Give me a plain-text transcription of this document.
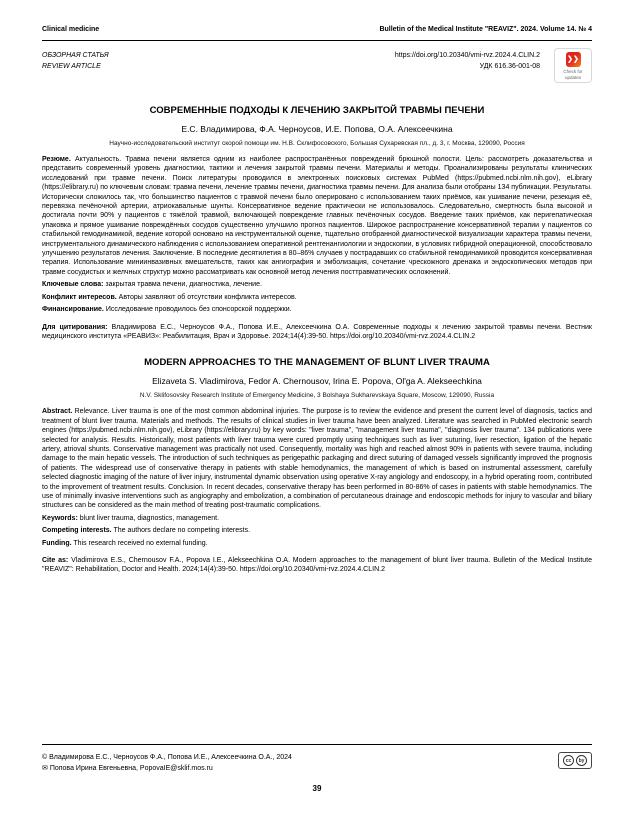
Clinical medicine	Bulletin of the Medical Institute "REAVIZ". 2024. Volume 14. № 4
ОБЗОРНАЯ СТАТЬЯ
REVIEW ARTICLE
https://doi.org/10.20340/vmi-rvz.2024.4.CLIN.2
УДК 616.36-001-08
❯❯
Check for updates
СОВРЕМЕННЫЕ ПОДХОДЫ К ЛЕЧЕНИЮ ЗАКРЫТОЙ ТРАВМЫ ПЕЧЕНИ
Е.С. Владимирова, Ф.А. Черноусов, И.Е. Попова, О.А. Алексеечкина
Научно-исследовательский институт скорой помощи им. Н.В. Склифосовского, Большая Сухаревская пл., д. 3, г. Москва, 129090, Россия

Резюме. Актуальность. Травма печени является одним из наиболее распространённых повреждений брюшной полости. Цель: рассмотреть доказательства и представить современный уровень диагностики, тактики и лечения закрытой травмы печени. Материалы и методы. Проанализированы результаты клинических исследований при травме печени. Поиск литературы проводился в электронных поисковых системах PubMed (https://pubmed.ncbi.nlm.nih.gov), eLibrary (https://elibrary.ru) по ключевым словам: травма печени, лечение травмы печени, диагностика травмы печени. Для анализа были отобраны 134 публикации. Результаты. Исторически сложилось так, что большинство пациентов с травмой печени было оперировано с использованием таких приёмов, как ушивание печени, резекция её, перевязка печёночной артерии, атриокавальные шунты. Консервативное ведение практически не использовалось. Следовательно, смертность была высокой и достигала почти 90% у пациентов с тяжёлой травмой, включающей повреждение главных печёночных сосудов. Введение таких приёмов, как перигепатическая упаковка и прямое ушивание повреждённых сосудов существенно улучшило прогноз пациентов. Широкое распространение консервативной терапии у пациентов со стабильной гемодинамикой, ведение которой основано на инструментальной оценке, тщательно отобранной диагностической визуализации характера травмы печени, инструментального динамического наблюдения с использованием оперативной рентгенангиологии и эндоскопии, в условиях гибридной операционной, способствовало улучшению результатов лечения. Заключение. В последние десятилетия в 80–86% случаев у пострадавших со стабильной гемодинамикой проводится консервативная терапия. Использование миниинвазивных вмешательств, таких как ангиография и эмболизация, сочетание чрескожного дренажа и эндоскопических методов при травме сосудистых и желчных структур можно рассматривать как основной метод лечения посттравматических осложнений.

Ключевые слова: закрытая травма печени, диагностика, лечение.

Конфликт интересов. Авторы заявляют об отсутствии конфликта интересов.

Финансирование. Исследование проводилось без спонсорской поддержки.

Для цитирования: Владимирова Е.С., Черноусов Ф.А., Попова И.Е., Алексеечкина О.А. Современные подходы к лечению закрытой травмы печени. Вестник медицинского института «РЕАВИЗ»: Реабилитация, Врач и Здоровье. 2024;14(4):39-50. https://doi.org/10.20340/vmi-rvz.2024.4.CLIN.2

MODERN APPROACHES TO THE MANAGEMENT OF BLUNT LIVER TRAUMA
Elizaveta S. Vladimirova, Fedor A. Chernousov, Irina E. Popova, Ol'ga A. Alekseechkina
N.V. Sklifosovsky Research Institute of Emergency Medicine, 3 Bolshaya Sukharevskaya Square, Moscow, 129090, Russia

Abstract. Relevance. Liver trauma is one of the most common abdominal injuries. The purpose is to review the evidence and present the current level of diagnosis, tactics and treatment of blunt liver trauma. Materials and methods. The results of clinical studies in liver trauma have been analyzed. Literature was searched in PubMed electronic search engines (https://pubmed.ncbi.nlm.nih.gov), eLibrary (https://elibrary.ru) by key words: "liver trauma", "management liver trauma", "diagnosis liver trauma". 134 publications were selected for analysis. Results. Historically, most patients with liver trauma were cured promptly using techniques such as liver suturing, liver resection, ligation of the hepatic artery, atrioval shunts. Conservative management was practically not used. Consequently, mortality was high and reached almost 90% in patients with severe trauma, including damage to the main hepatic vessels. The introduction of such techniques as perigepathic packaging and direct suturing of damaged vessels significantly improved the prognosis of patients. The widespread use of conservative therapy in patients with stable hemodynamics, the management of which is based on instrumental assessment, carefully selected diagnostic imaging of the nature of liver injury, instrumental dynamic observation using operative X-ray angiology and endoscopy, in a hybrid operating room, contributed to the improvement of treatment results. Conclusion. In recent decades, conservative therapy has been performed in 80-86% of cases in patients with stable hemodynamics. The use of minimally invasive interventions such as angiography and embolization, a combination of percutaneous drainage and endoscopic methods for injury to vascular and biliary structures can be considered as the main method of treating post-traumatic complications.

Keywords: blunt liver trauma, diagnostics, management.

Competing interests. The authors declare no competing interests.

Funding. This research received no external funding.

Cite as: Vladimirova E.S., Chernousov F.A., Popova I.E., Alekseechkina O.A. Modern approaches to the management of blunt liver trauma. Bulletin of the Medical Institute "REAVIZ": Rehabilitation, Doctor and Health. 2024;14(4):39-50. https://doi.org/10.20340/vmi-rvz.2024.4.CLIN.2

© Владимирова Е.С., Черноусов Ф.А., Попова И.Е., Алексеечкина О.А., 2024
✉ Попова Ирина Евгеньевна, PopovaIE@sklif.mos.ru
cc	by
39
